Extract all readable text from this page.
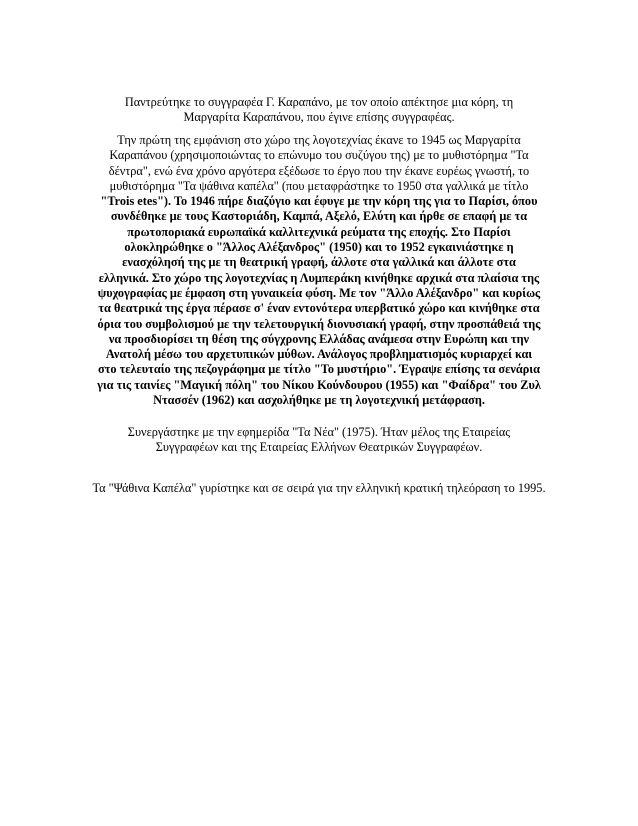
Παντρεύτηκε το συγγραφέα Γ. Καραπάνο, με τον οποίο απέκτησε μια κόρη, τη Μαργαρίτα Καραπάνου, που έγινε επίσης συγγραφέας.

Την πρώτη της εμφάνιση στο χώρο της λογοτεχνίας έκανε το 1945 ως Μαργαρίτα Καραπάνου (χρησιμοποιώντας το επώνυμο του συζύγου της) με το μυθιστόρημα "Τα δέντρα", ενώ ένα χρόνο αργότερα εξέδωσε το έργο που την έκανε ευρέως γνωστή, το μυθιστόρημα "Τα ψάθινα καπέλα" (που μεταφράστηκε το 1950 στα γαλλικά με τίτλο "Trois etes"). Το 1946 πήρε διαζύγιο και έφυγε με την κόρη της για το Παρίσι, όπου συνδέθηκε με τους Καστοριάδη, Καμπά, Αξελό, Ελύτη και ήρθε σε επαφή με τα πρωτοποριακά ευρωπαϊκά καλλιτεχνικά ρεύματα της εποχής. Στο Παρίσι ολοκληρώθηκε ο "Άλλος Αλέξανδρος" (1950) και το 1952 εγκαινιάστηκε η ενασχόλησή της με τη θεατρική γραφή, άλλοτε στα γαλλικά και άλλοτε στα ελληνικά. Στο χώρο της λογοτεχνίας η Λυμπεράκη κινήθηκε αρχικά στα πλαίσια της ψυχογραφίας με έμφαση στη γυναικεία φύση. Με τον "Άλλο Αλέξανδρο" και κυρίως τα θεατρικά της έργα πέρασε σ' έναν εντονότερα υπερβατικό χώρο και κινήθηκε στα όρια του συμβολισμού με την τελετουργική διονυσιακή γραφή, στην προσπάθειά της να προσδιορίσει τη θέση της σύγχρονης Ελλάδας ανάμεσα στην Ευρώπη και την Ανατολή μέσω του αρχετυπικών μύθων. Ανάλογος προβληματισμός κυριαρχεί και στο τελευταίο της πεζογράφημα με τίτλο "Το μυστήριο". Έγραψε επίσης τα σενάρια για τις ταινίες "Μαγική πόλη" του Νίκου Κούνδουρου (1955) και "Φαίδρα" του Ζυλ Ντασσέν (1962) και ασχολήθηκε με τη λογοτεχνική μετάφραση.

Συνεργάστηκε με την εφημερίδα "Τα Νέα" (1975). Ήταν μέλος της Εταιρείας Συγγραφέων και της Εταιρείας Ελλήνων Θεατρικών Συγγραφέων.

Τα "Ψάθινα Καπέλα" γυρίστηκε και σε σειρά για την ελληνική κρατική τηλεόραση το 1995.
